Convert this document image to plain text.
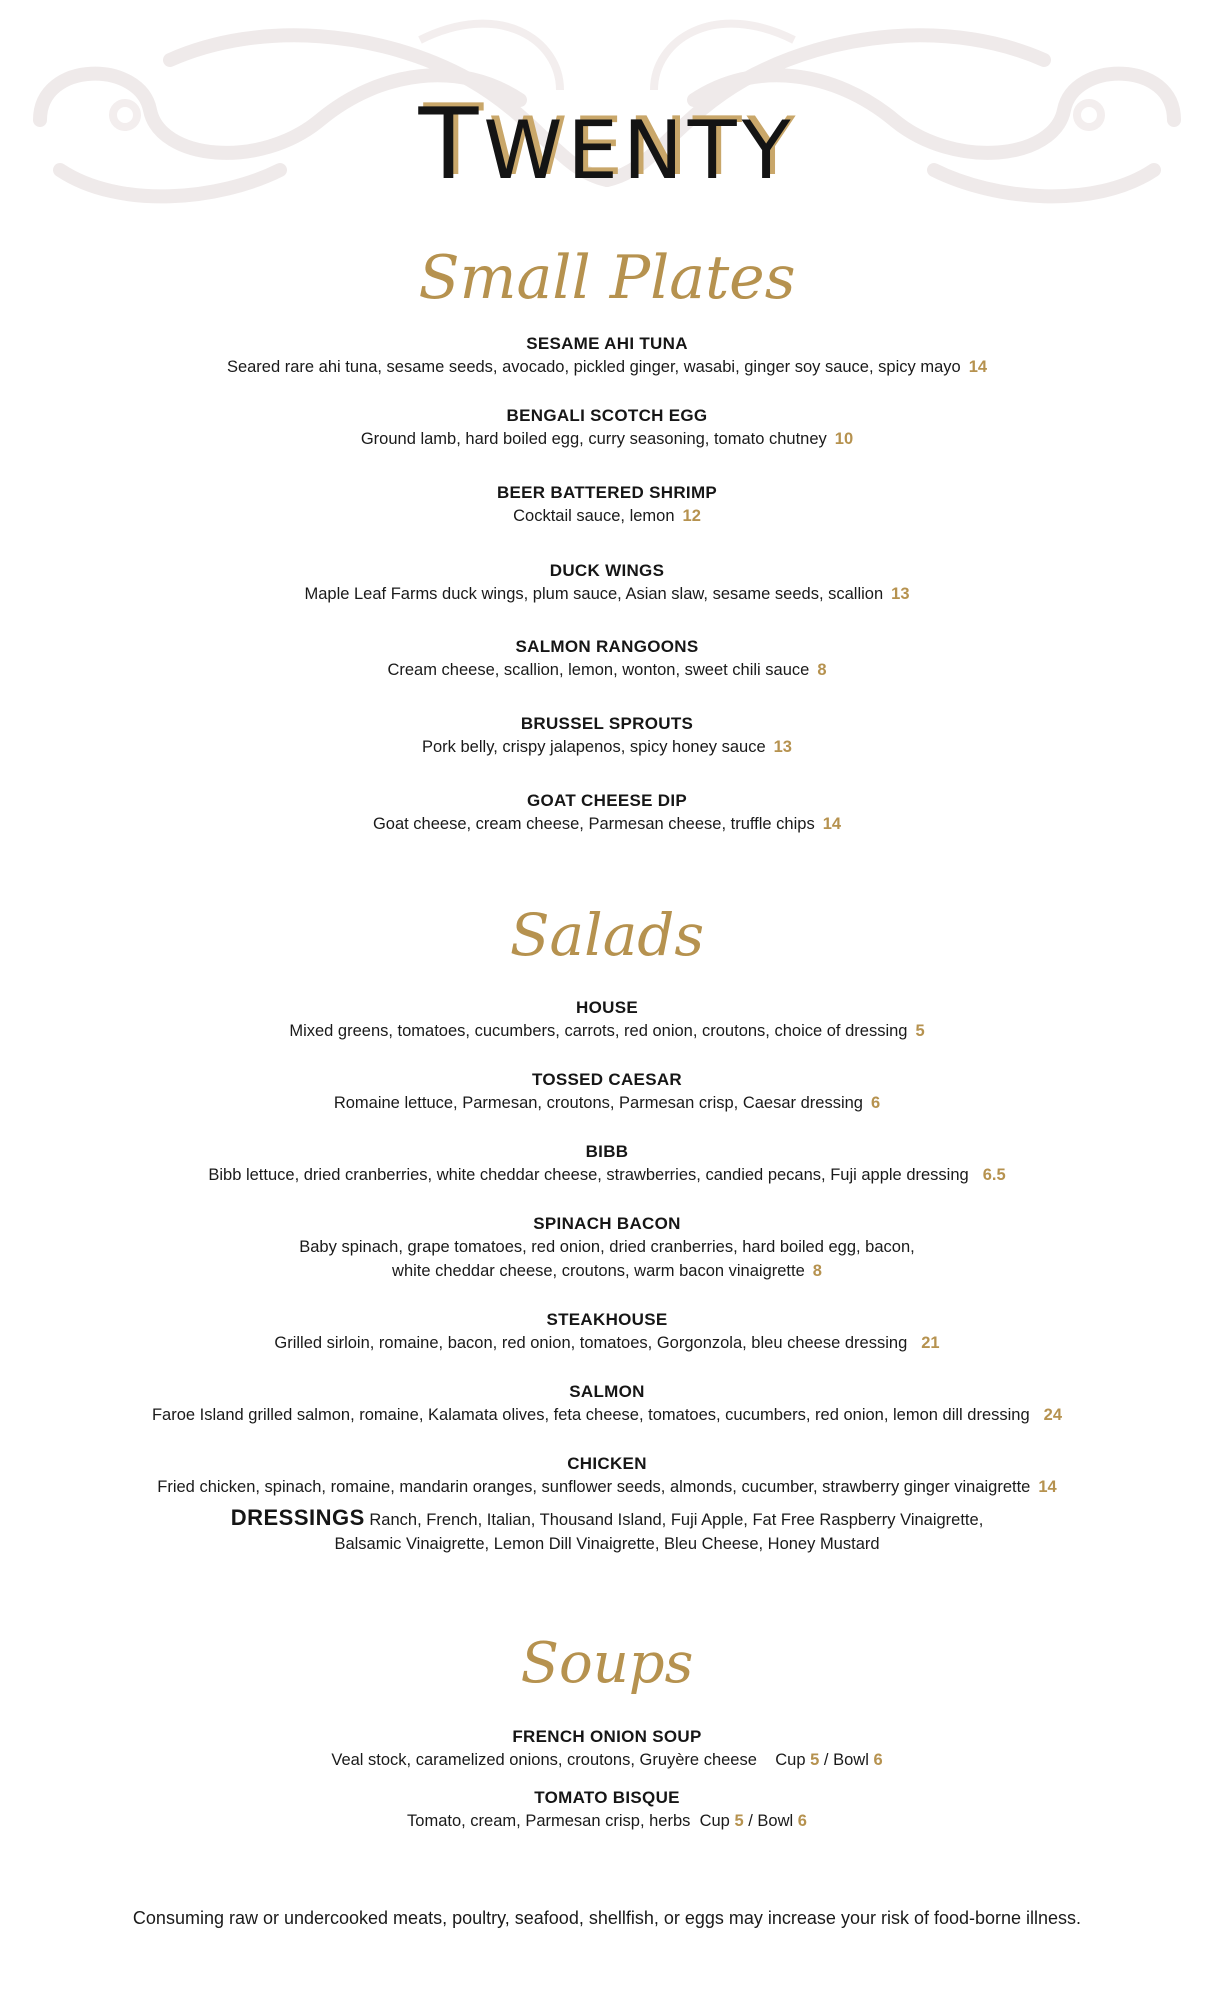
TWENTY
Small Plates
SESAME AHI TUNA
Seared rare ahi tuna, sesame seeds, avocado, pickled ginger, wasabi, ginger soy sauce, spicy mayo 14
BENGALI SCOTCH EGG
Ground lamb, hard boiled egg, curry seasoning, tomato chutney 10
BEER BATTERED SHRIMP
Cocktail sauce, lemon 12
DUCK WINGS
Maple Leaf Farms duck wings, plum sauce, Asian slaw, sesame seeds, scallion 13
SALMON RANGOONS
Cream cheese, scallion, lemon, wonton, sweet chili sauce 8
BRUSSEL SPROUTS
Pork belly, crispy jalapenos, spicy honey sauce 13
GOAT CHEESE DIP
Goat cheese, cream cheese, Parmesan cheese, truffle chips 14
Salads
HOUSE
Mixed greens, tomatoes, cucumbers, carrots, red onion, croutons, choice of dressing 5
TOSSED CAESAR
Romaine lettuce, Parmesan, croutons, Parmesan crisp, Caesar dressing 6
BIBB
Bibb lettuce, dried cranberries, white cheddar cheese, strawberries, candied pecans, Fuji apple dressing 6.5
SPINACH BACON
Baby spinach, grape tomatoes, red onion, dried cranberries, hard boiled egg, bacon,
white cheddar cheese, croutons, warm bacon vinaigrette 8
STEAKHOUSE
Grilled sirloin, romaine, bacon, red onion, tomatoes, Gorgonzola, bleu cheese dressing 21
SALMON
Faroe Island grilled salmon, romaine, Kalamata olives, feta cheese, tomatoes, cucumbers, red onion, lemon dill dressing 24
CHICKEN
Fried chicken, spinach, romaine, mandarin oranges, sunflower seeds, almonds, cucumber, strawberry ginger vinaigrette 14
DRESSINGS Ranch, French, Italian, Thousand Island, Fuji Apple, Fat Free Raspberry Vinaigrette,
Balsamic Vinaigrette, Lemon Dill Vinaigrette, Bleu Cheese, Honey Mustard
Soups
FRENCH ONION SOUP
Veal stock, caramelized onions, croutons, Gruyère cheese Cup 5 / Bowl 6
TOMATO BISQUE
Tomato, cream, Parmesan crisp, herbs Cup 5 / Bowl 6
Consuming raw or undercooked meats, poultry, seafood, shellfish, or eggs may increase your risk of food-borne illness.
